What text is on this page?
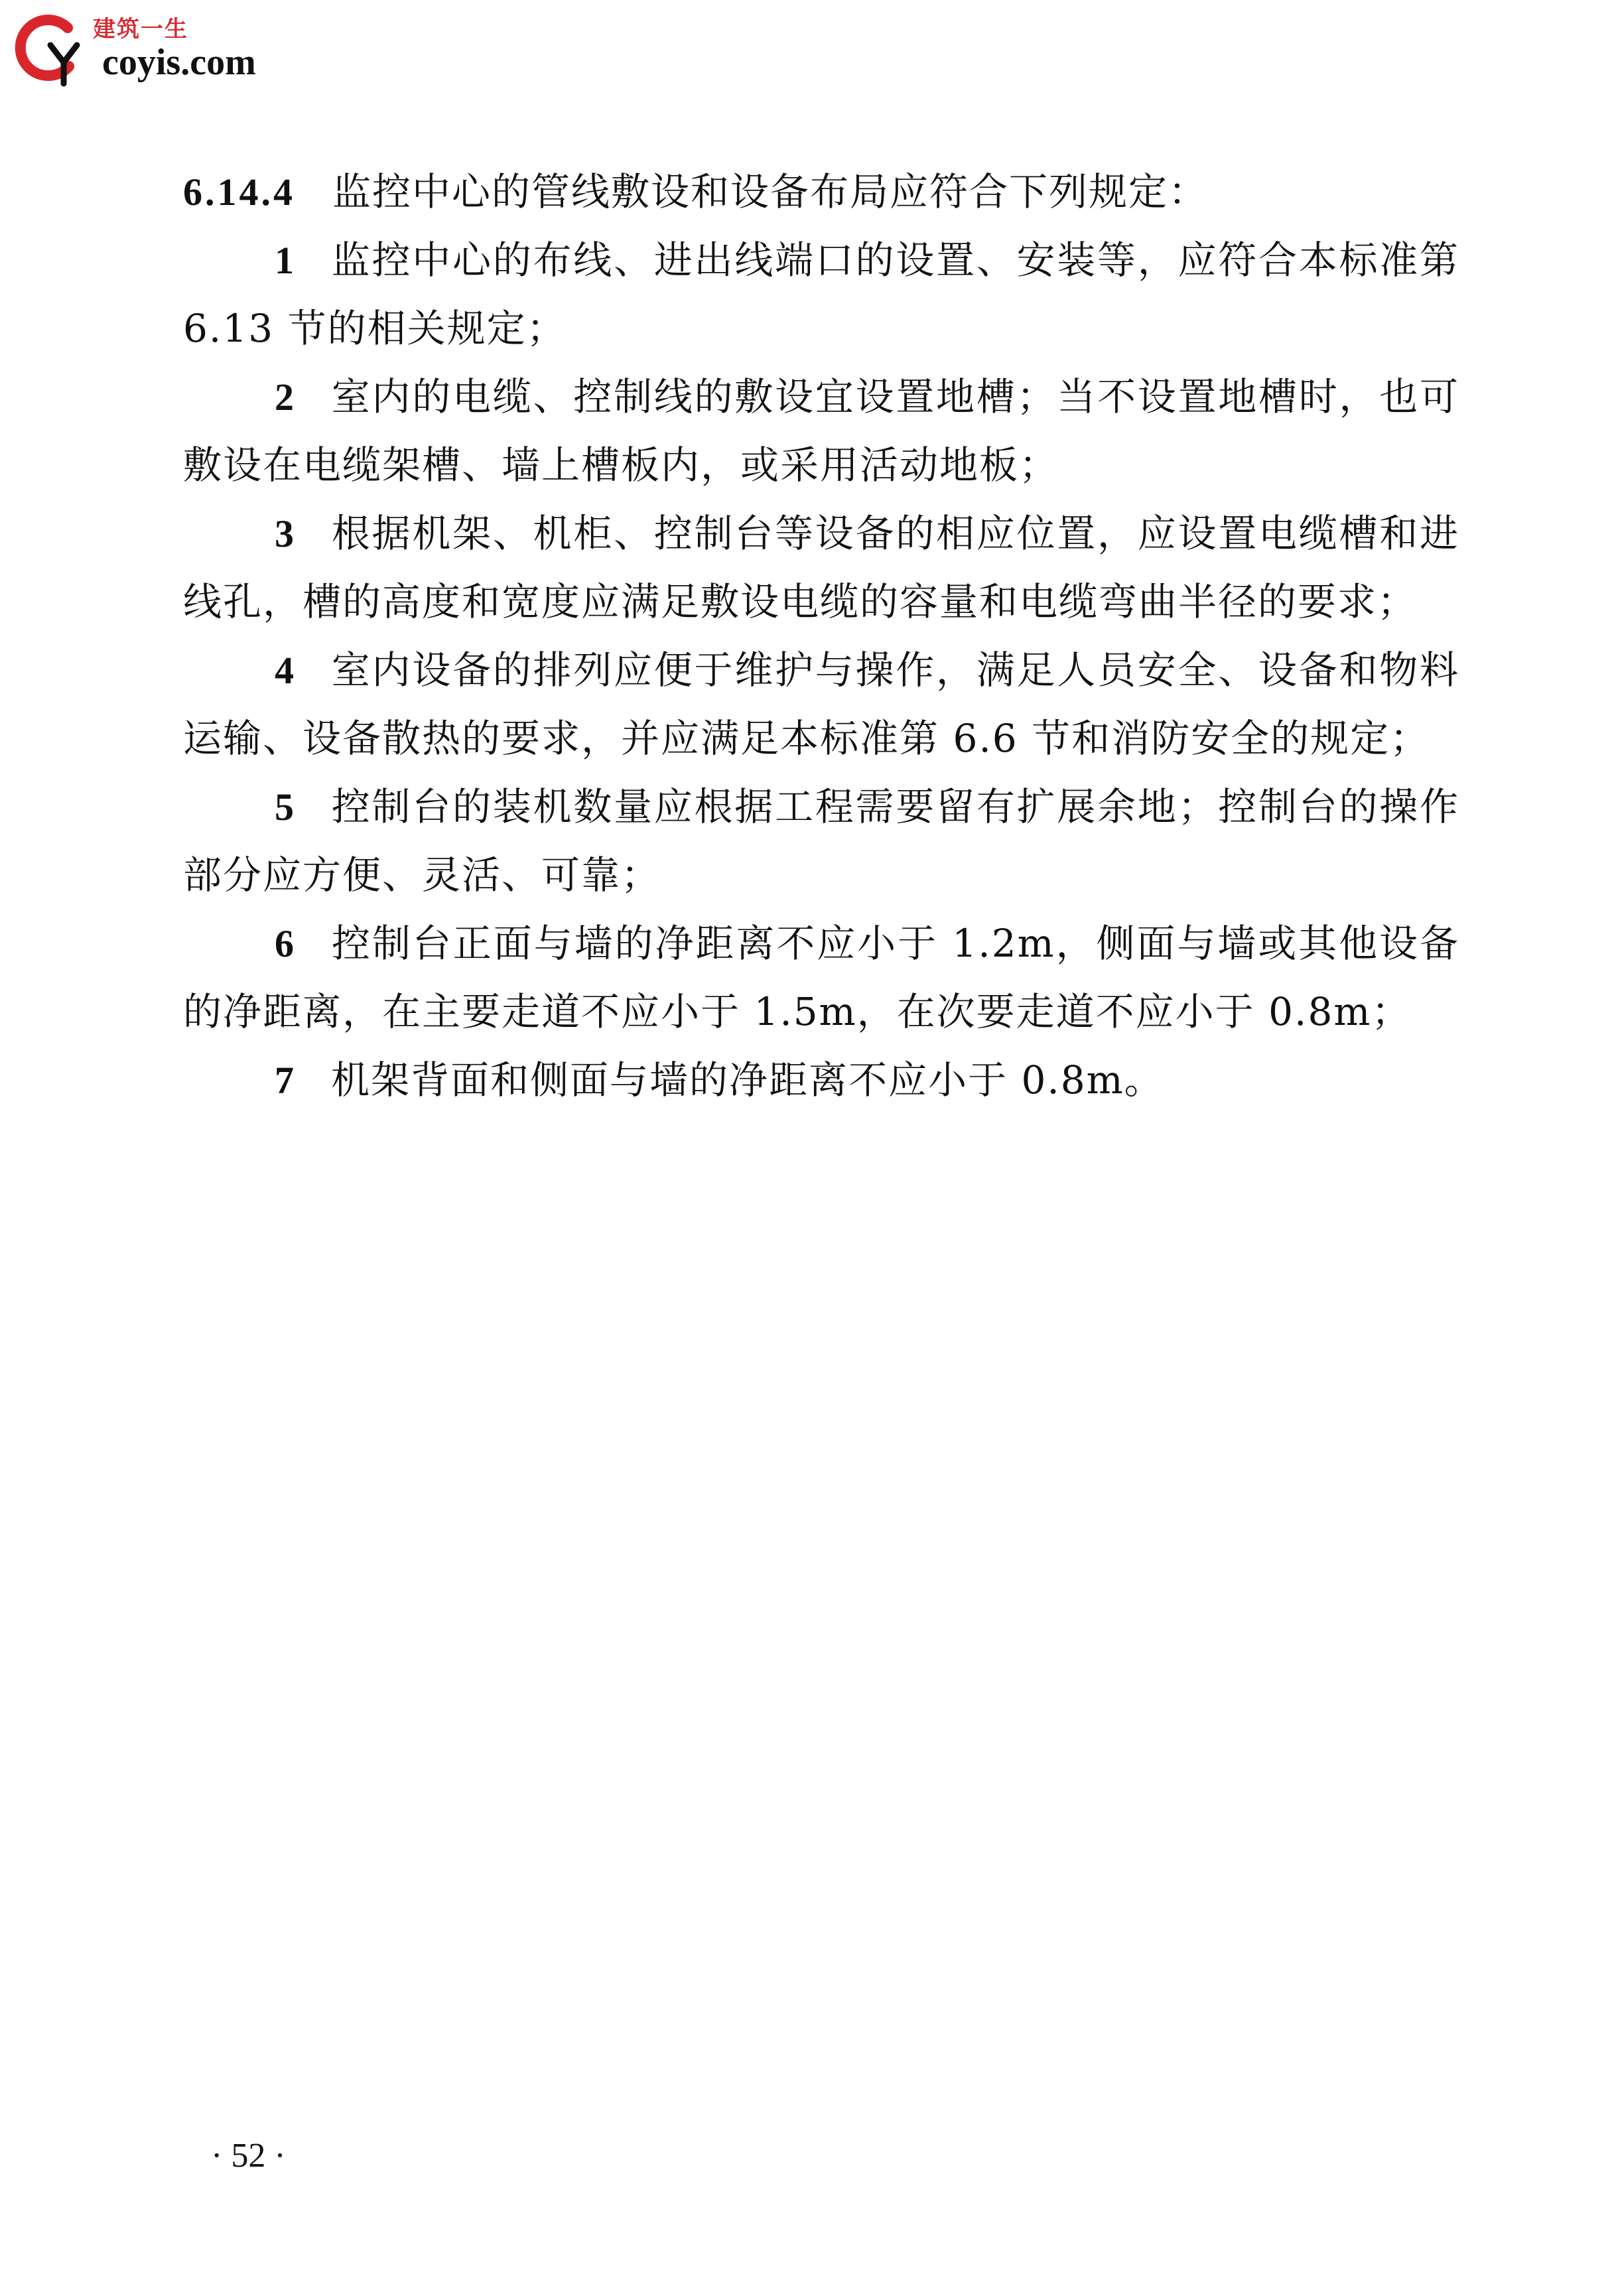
建筑一生
coyis.com

6.14.4 监控中心的管线敷设和设备布局应符合下列规定：

1 监控中心的布线、进出线端口的设置、安装等，应符合本标准第 6.13 节的相关规定；

2 室内的电缆、控制线的敷设宜设置地槽；当不设置地槽时，也可敷设在电缆架槽、墙上槽板内，或采用活动地板；

3 根据机架、机柜、控制台等设备的相应位置，应设置电缆槽和进线孔，槽的高度和宽度应满足敷设电缆的容量和电缆弯曲半径的要求；

4 室内设备的排列应便于维护与操作，满足人员安全、设备和物料运输、设备散热的要求，并应满足本标准第 6.6 节和消防安全的规定；

5 控制台的装机数量应根据工程需要留有扩展余地；控制台的操作部分应方便、灵活、可靠；

6 控制台正面与墙的净距离不应小于 1.2m，侧面与墙或其他设备的净距离，在主要走道不应小于 1.5m，在次要走道不应小于 0.8m；

7 机架背面和侧面与墙的净距离不应小于 0.8m。

· 52 ·
